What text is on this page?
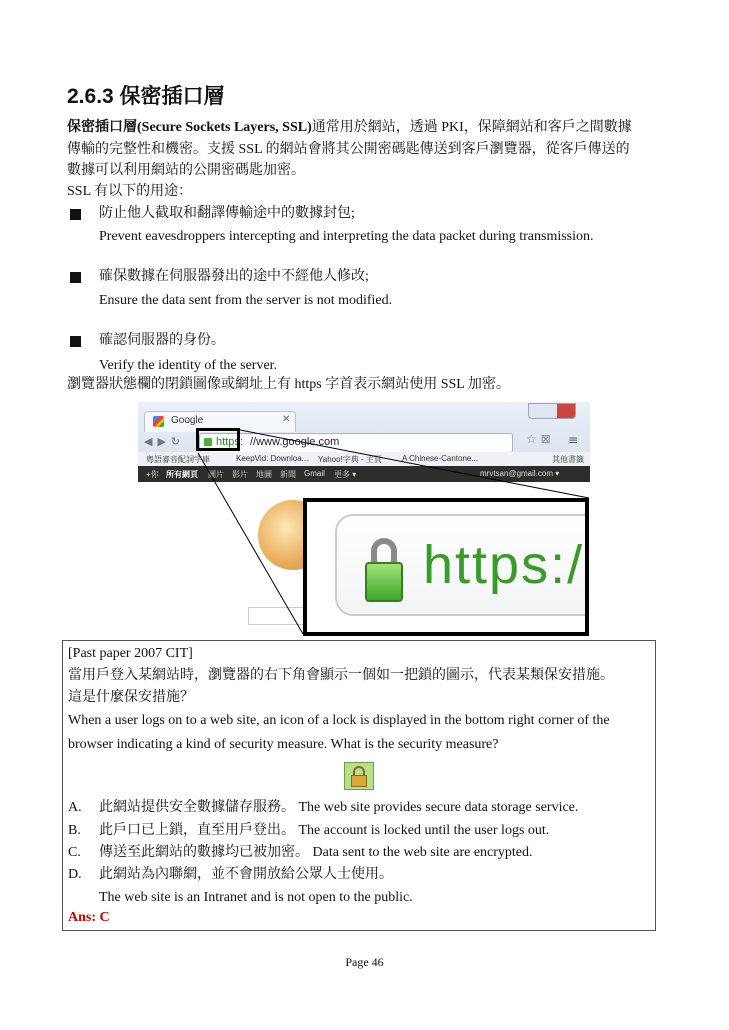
2.6.3 保密插口層
保密插口層(Secure Sockets Layers, SSL)通常用於網站，透過 PKI，保障網站和客戶之間數據
傳輸的完整性和機密。支援 SSL 的網站會將其公開密碼匙傳送到客戶瀏覽器，從客戶傳送的
數據可以利用網站的公開密碼匙加密。
SSL 有以下的用途：
防止他人截取和翻譯傳輸途中的數據封包;
Prevent eavesdroppers intercepting and interpreting the data packet during transmission.
確保數據在伺服器發出的途中不經他人修改;
Ensure the data sent from the server is not modified.
確認伺服器的身份。
Verify the identity of the server.
瀏覽器狀態欄的閉鎖圖像或網址上有 https 字首表示網站使用 SSL 加密。
Google	✕
◀▶↻	https: //www.google.com	☆ ⊠ ≡
粵語審音配詞字庫	KeepVid: Downloa... Yahoo!字典 - 主頁	A Chinese-Cantone...	其他書籤
+你 所有網頁 圖片 影片 地圖 新聞 Gmail 更多 ▾	mrvtsan@gmail.com ▾
https:/
[Past paper 2007 CIT]
當用戶登入某網站時，瀏覽器的右下角會顯示一個如一把鎖的圖示，代表某類保安措施。
這是什麼保安措施？
When a user logs on to a web site, an icon of a lock is displayed in the bottom right corner of the
browser indicating a kind of security measure. What is the security measure?
A. 此網站提供安全數據儲存服務。 The web site provides secure data storage service.
B. 此戶口已上鎖，直至用戶登出。 The account is locked until the user logs out.
C. 傳送至此網站的數據均已被加密。 Data sent to the web site are encrypted.
D. 此網站為內聯網，並不會開放給公眾人士使用。
The web site is an Intranet and is not open to the public.
Ans: C
Page 46
